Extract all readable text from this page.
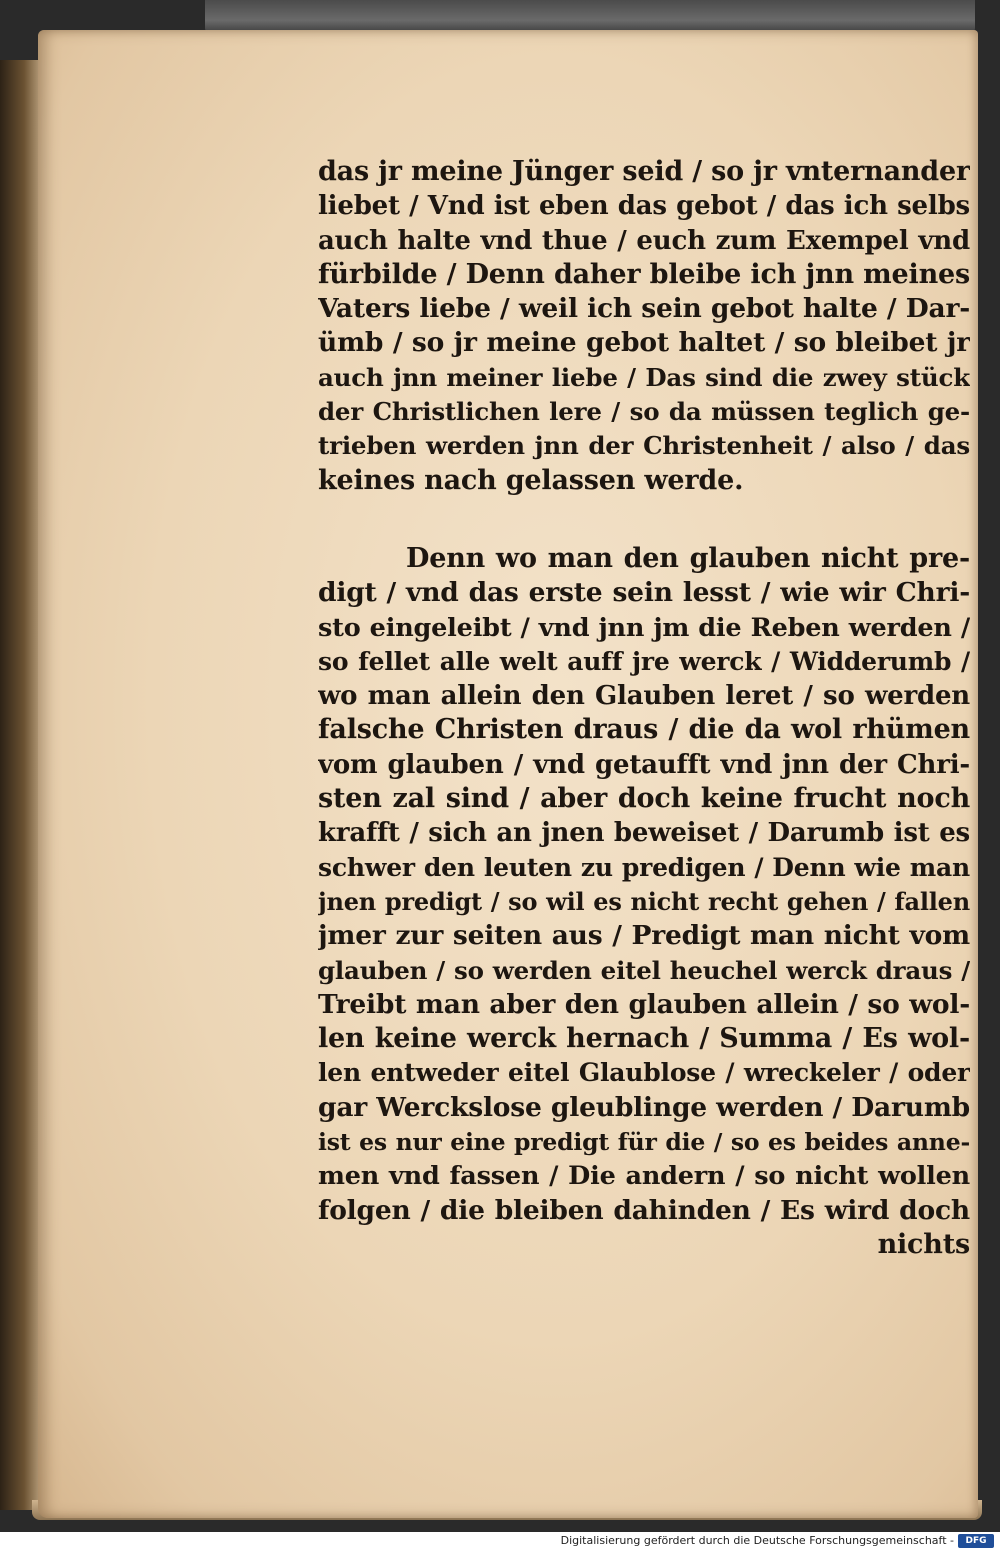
das jr meine Jünger seid / so jr vnternander
liebet / Vnd ist eben das gebot / das ich selbs
auch halte vnd thue / euch zum Exempel vnd
fürbilde / Denn daher bleibe ich jnn meines
Vaters liebe / weil ich sein gebot halte / Dar-
ümb / so jr meine gebot haltet / so bleibet jr
auch jnn meiner liebe / Das sind die zwey stück
der Christlichen lere / so da müssen teglich ge-
trieben werden jnn der Christenheit / also / das
keines nach gelassen werde.
Denn wo man den glauben nicht pre-
digt / vnd das erste sein lesst / wie wir Chri-
sto eingeleibt / vnd jnn jm die Reben werden /
so fellet alle welt auff jre werck / Widderumb /
wo man allein den Glauben leret / so werden
falsche Christen draus / die da wol rhümen
vom glauben / vnd getaufft vnd jnn der Chri-
sten zal sind / aber doch keine frucht noch
krafft / sich an jnen beweiset / Darumb ist es
schwer den leuten zu predigen / Denn wie man
jnen predigt / so wil es nicht recht gehen / fallen
jmer zur seiten aus / Predigt man nicht vom
glauben / so werden eitel heuchel werck draus /
Treibt man aber den glauben allein / so wol-
len keine werck hernach / Summa / Es wol-
len entweder eitel Glaublose / wreckeler / oder
gar Werckslose gleublinge werden / Darumb
ist es nur eine predigt für die / so es beides anne-
men vnd fassen / Die andern / so nicht wollen
folgen / die bleiben dahinden / Es wird doch
nichts
Digitalisierung gefördert durch die Deutsche Forschungsgemeinschaft -	DFG
